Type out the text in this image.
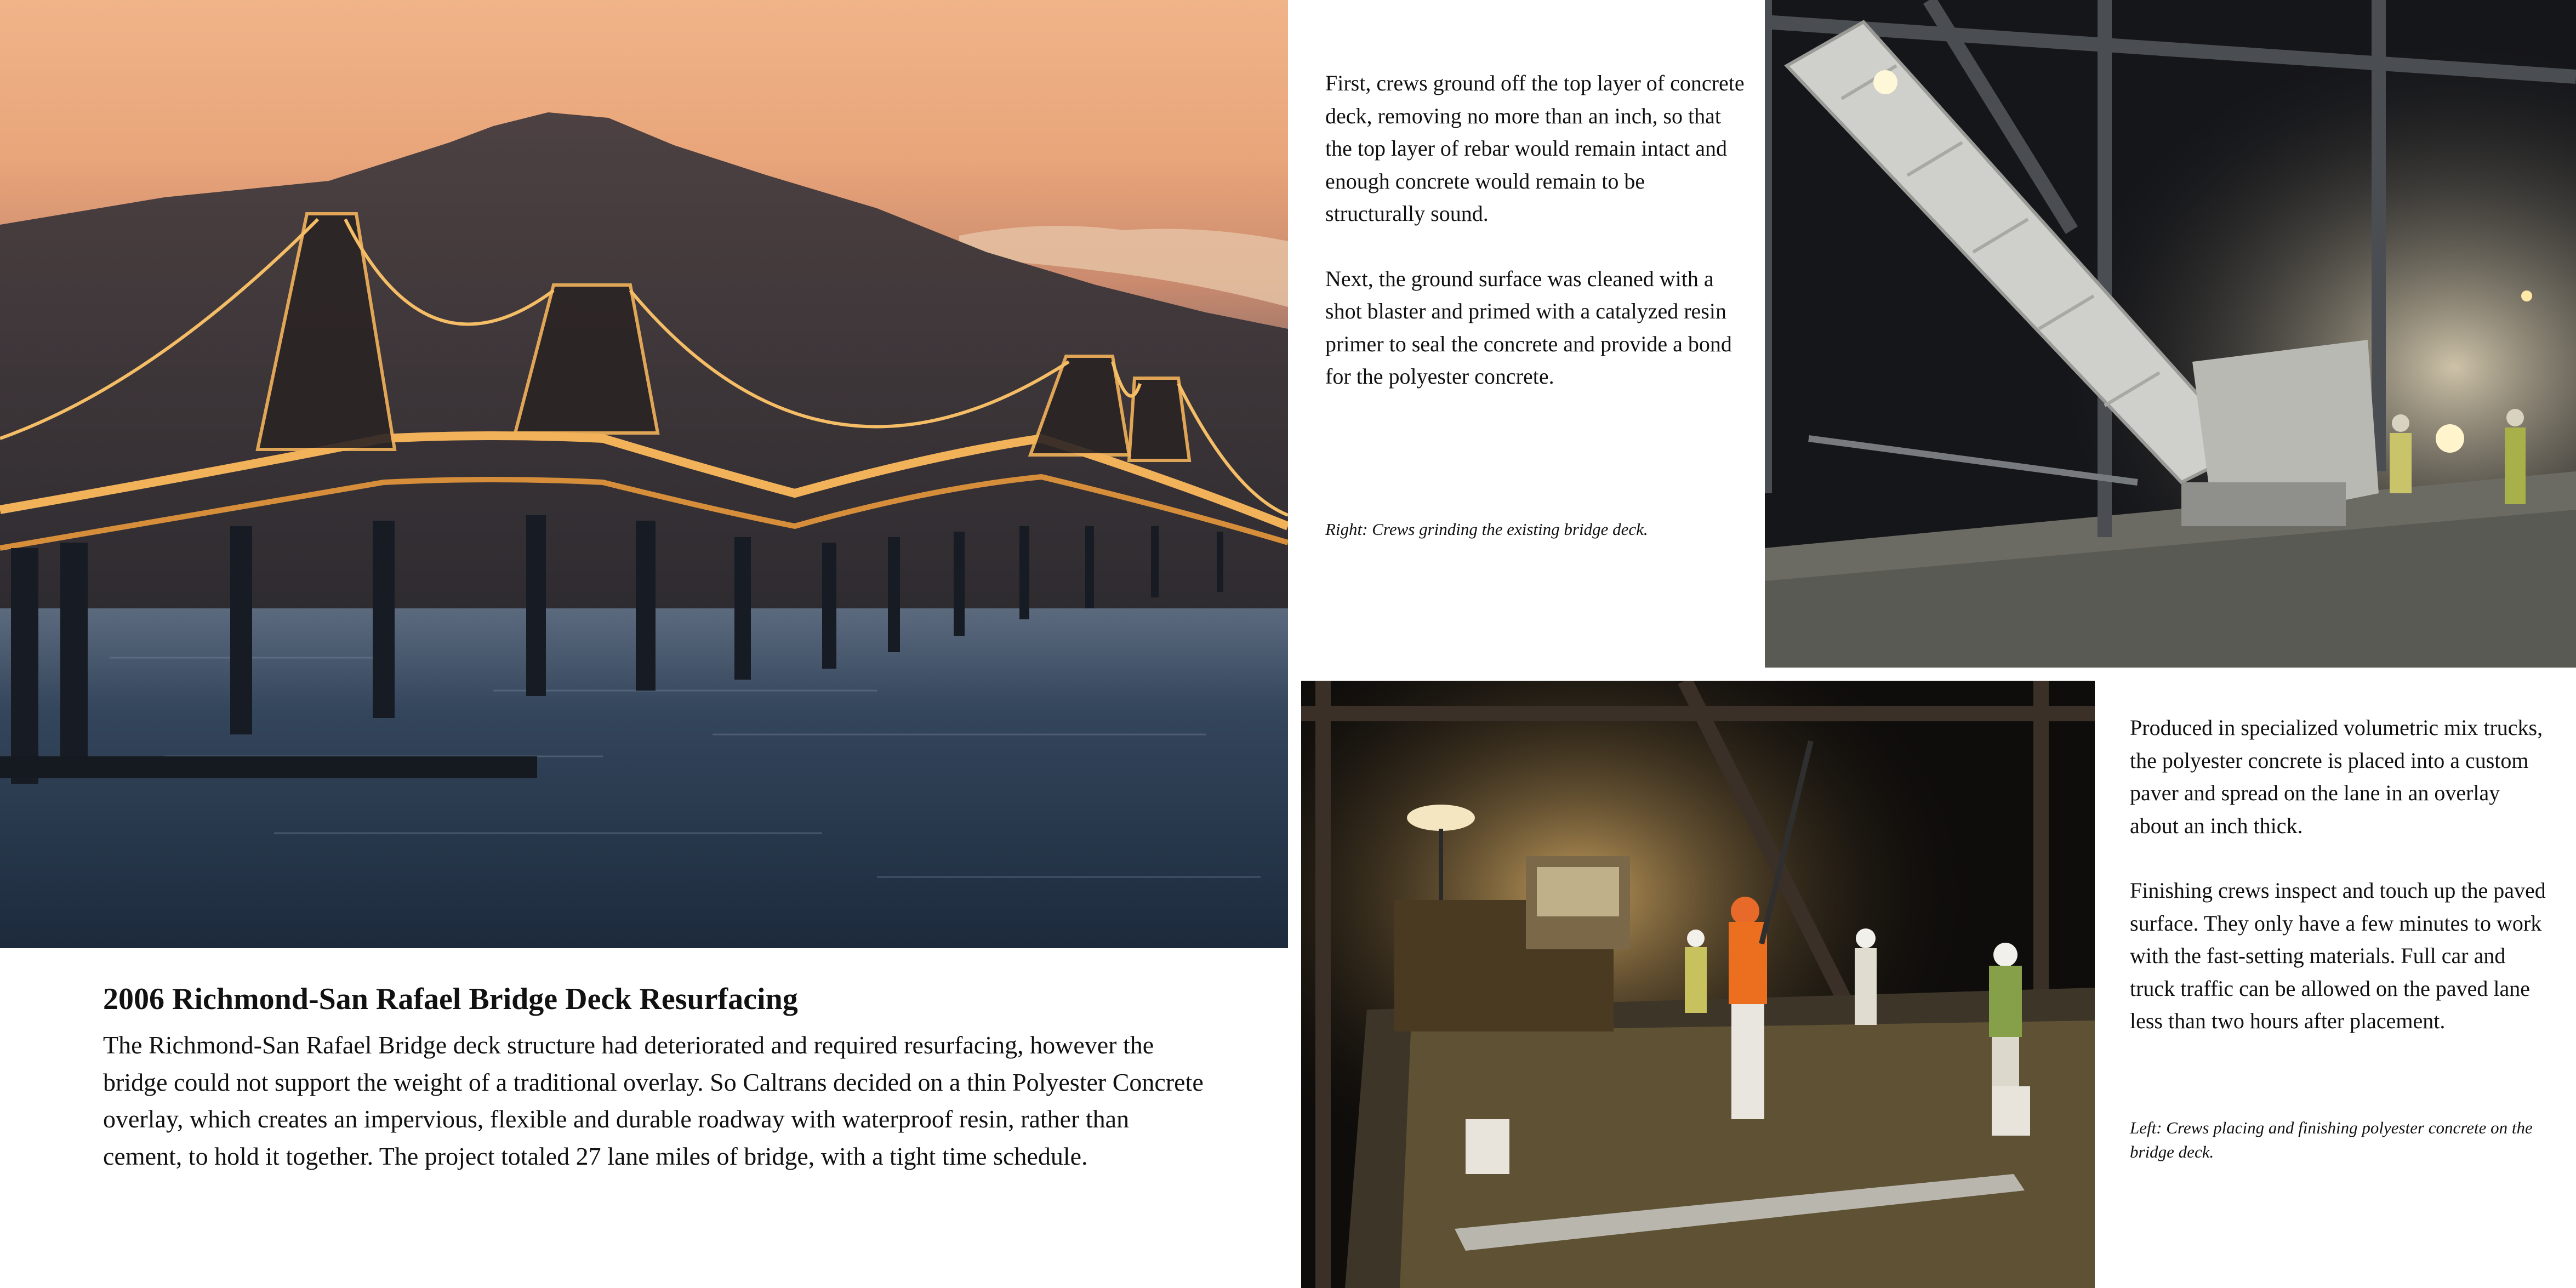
First, crews ground off the top layer of concrete deck, removing no more than an inch, so that the top layer of rebar would remain intact and enough concrete would remain to be structurally sound.

Next, the ground surface was cleaned with a shot blaster and primed with a catalyzed resin primer to seal the concrete and provide a bond for the polyester concrete.

Right: Crews grinding the existing bridge deck.

Produced in specialized volumetric mix trucks, the polyester concrete is placed into a custom paver and spread on the lane in an overlay about an inch thick.

Finishing crews inspect and touch up the paved surface. They only have a few minutes to work with the fast-setting materials. Full car and truck traffic can be allowed on the paved lane less than two hours after placement.

Left: Crews placing and finishing polyester concrete on the bridge deck.
2006 Richmond-San Rafael Bridge Deck Resurfacing
The Richmond-San Rafael Bridge deck structure had deteriorated and required resurfacing, however the bridge could not support the weight of a traditional overlay. So Caltrans decided on a thin Polyester Concrete overlay, which creates an impervious, flexible and durable roadway with waterproof resin, rather than cement, to hold it together. The project totaled 27 lane miles of bridge, with a tight time schedule.
